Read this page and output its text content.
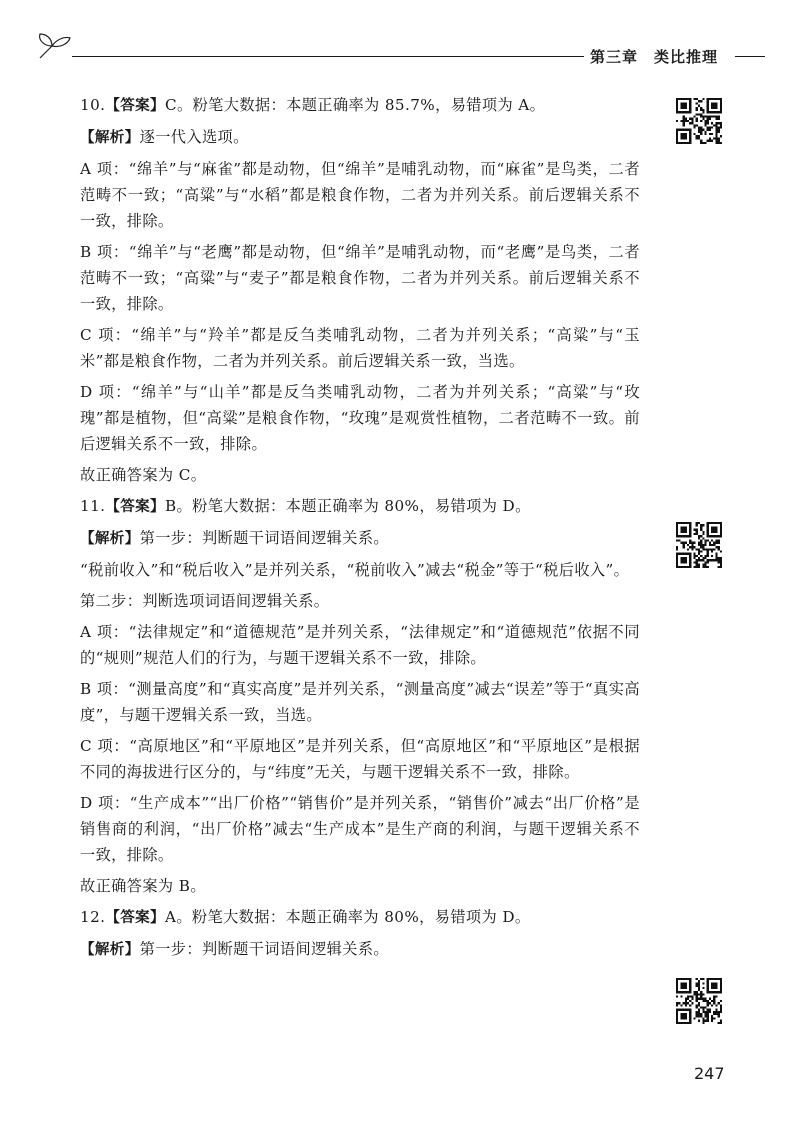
第三章 类比推理

10.【答案】C。粉笔大数据：本题正确率为 85.7%，易错项为 A。

【解析】逐一代入选项。

A 项：“绵羊”与“麻雀”都是动物，但“绵羊”是哺乳动物，而“麻雀”是鸟类，二者范畴不一致；“高粱”与“水稻”都是粮食作物，二者为并列关系。前后逻辑关系不一致，排除。

B 项：“绵羊”与“老鹰”都是动物，但“绵羊”是哺乳动物，而“老鹰”是鸟类，二者范畴不一致；“高粱”与“麦子”都是粮食作物，二者为并列关系。前后逻辑关系不一致，排除。

C 项：“绵羊”与“羚羊”都是反刍类哺乳动物，二者为并列关系；“高粱”与“玉米”都是粮食作物，二者为并列关系。前后逻辑关系一致，当选。

D 项：“绵羊”与“山羊”都是反刍类哺乳动物，二者为并列关系；“高粱”与“玫瑰”都是植物，但“高粱”是粮食作物，“玫瑰”是观赏性植物，二者范畴不一致。前后逻辑关系不一致，排除。

故正确答案为 C。

11.【答案】B。粉笔大数据：本题正确率为 80%，易错项为 D。

【解析】第一步：判断题干词语间逻辑关系。

“税前收入”和“税后收入”是并列关系，“税前收入”减去“税金”等于“税后收入”。

第二步：判断选项词语间逻辑关系。

A 项：“法律规定”和“道德规范”是并列关系，“法律规定”和“道德规范”依据不同的“规则”规范人们的行为，与题干逻辑关系不一致，排除。

B 项：“测量高度”和“真实高度”是并列关系，“测量高度”减去“误差”等于“真实高度”，与题干逻辑关系一致，当选。

C 项：“高原地区”和“平原地区”是并列关系，但“高原地区”和“平原地区”是根据不同的海拔进行区分的，与“纬度”无关，与题干逻辑关系不一致，排除。

D 项：“生产成本”“出厂价格”“销售价”是并列关系，“销售价”减去“出厂价格”是销售商的利润，“出厂价格”减去“生产成本”是生产商的利润，与题干逻辑关系不一致，排除。

故正确答案为 B。

12.【答案】A。粉笔大数据：本题正确率为 80%，易错项为 D。

【解析】第一步：判断题干词语间逻辑关系。

247
